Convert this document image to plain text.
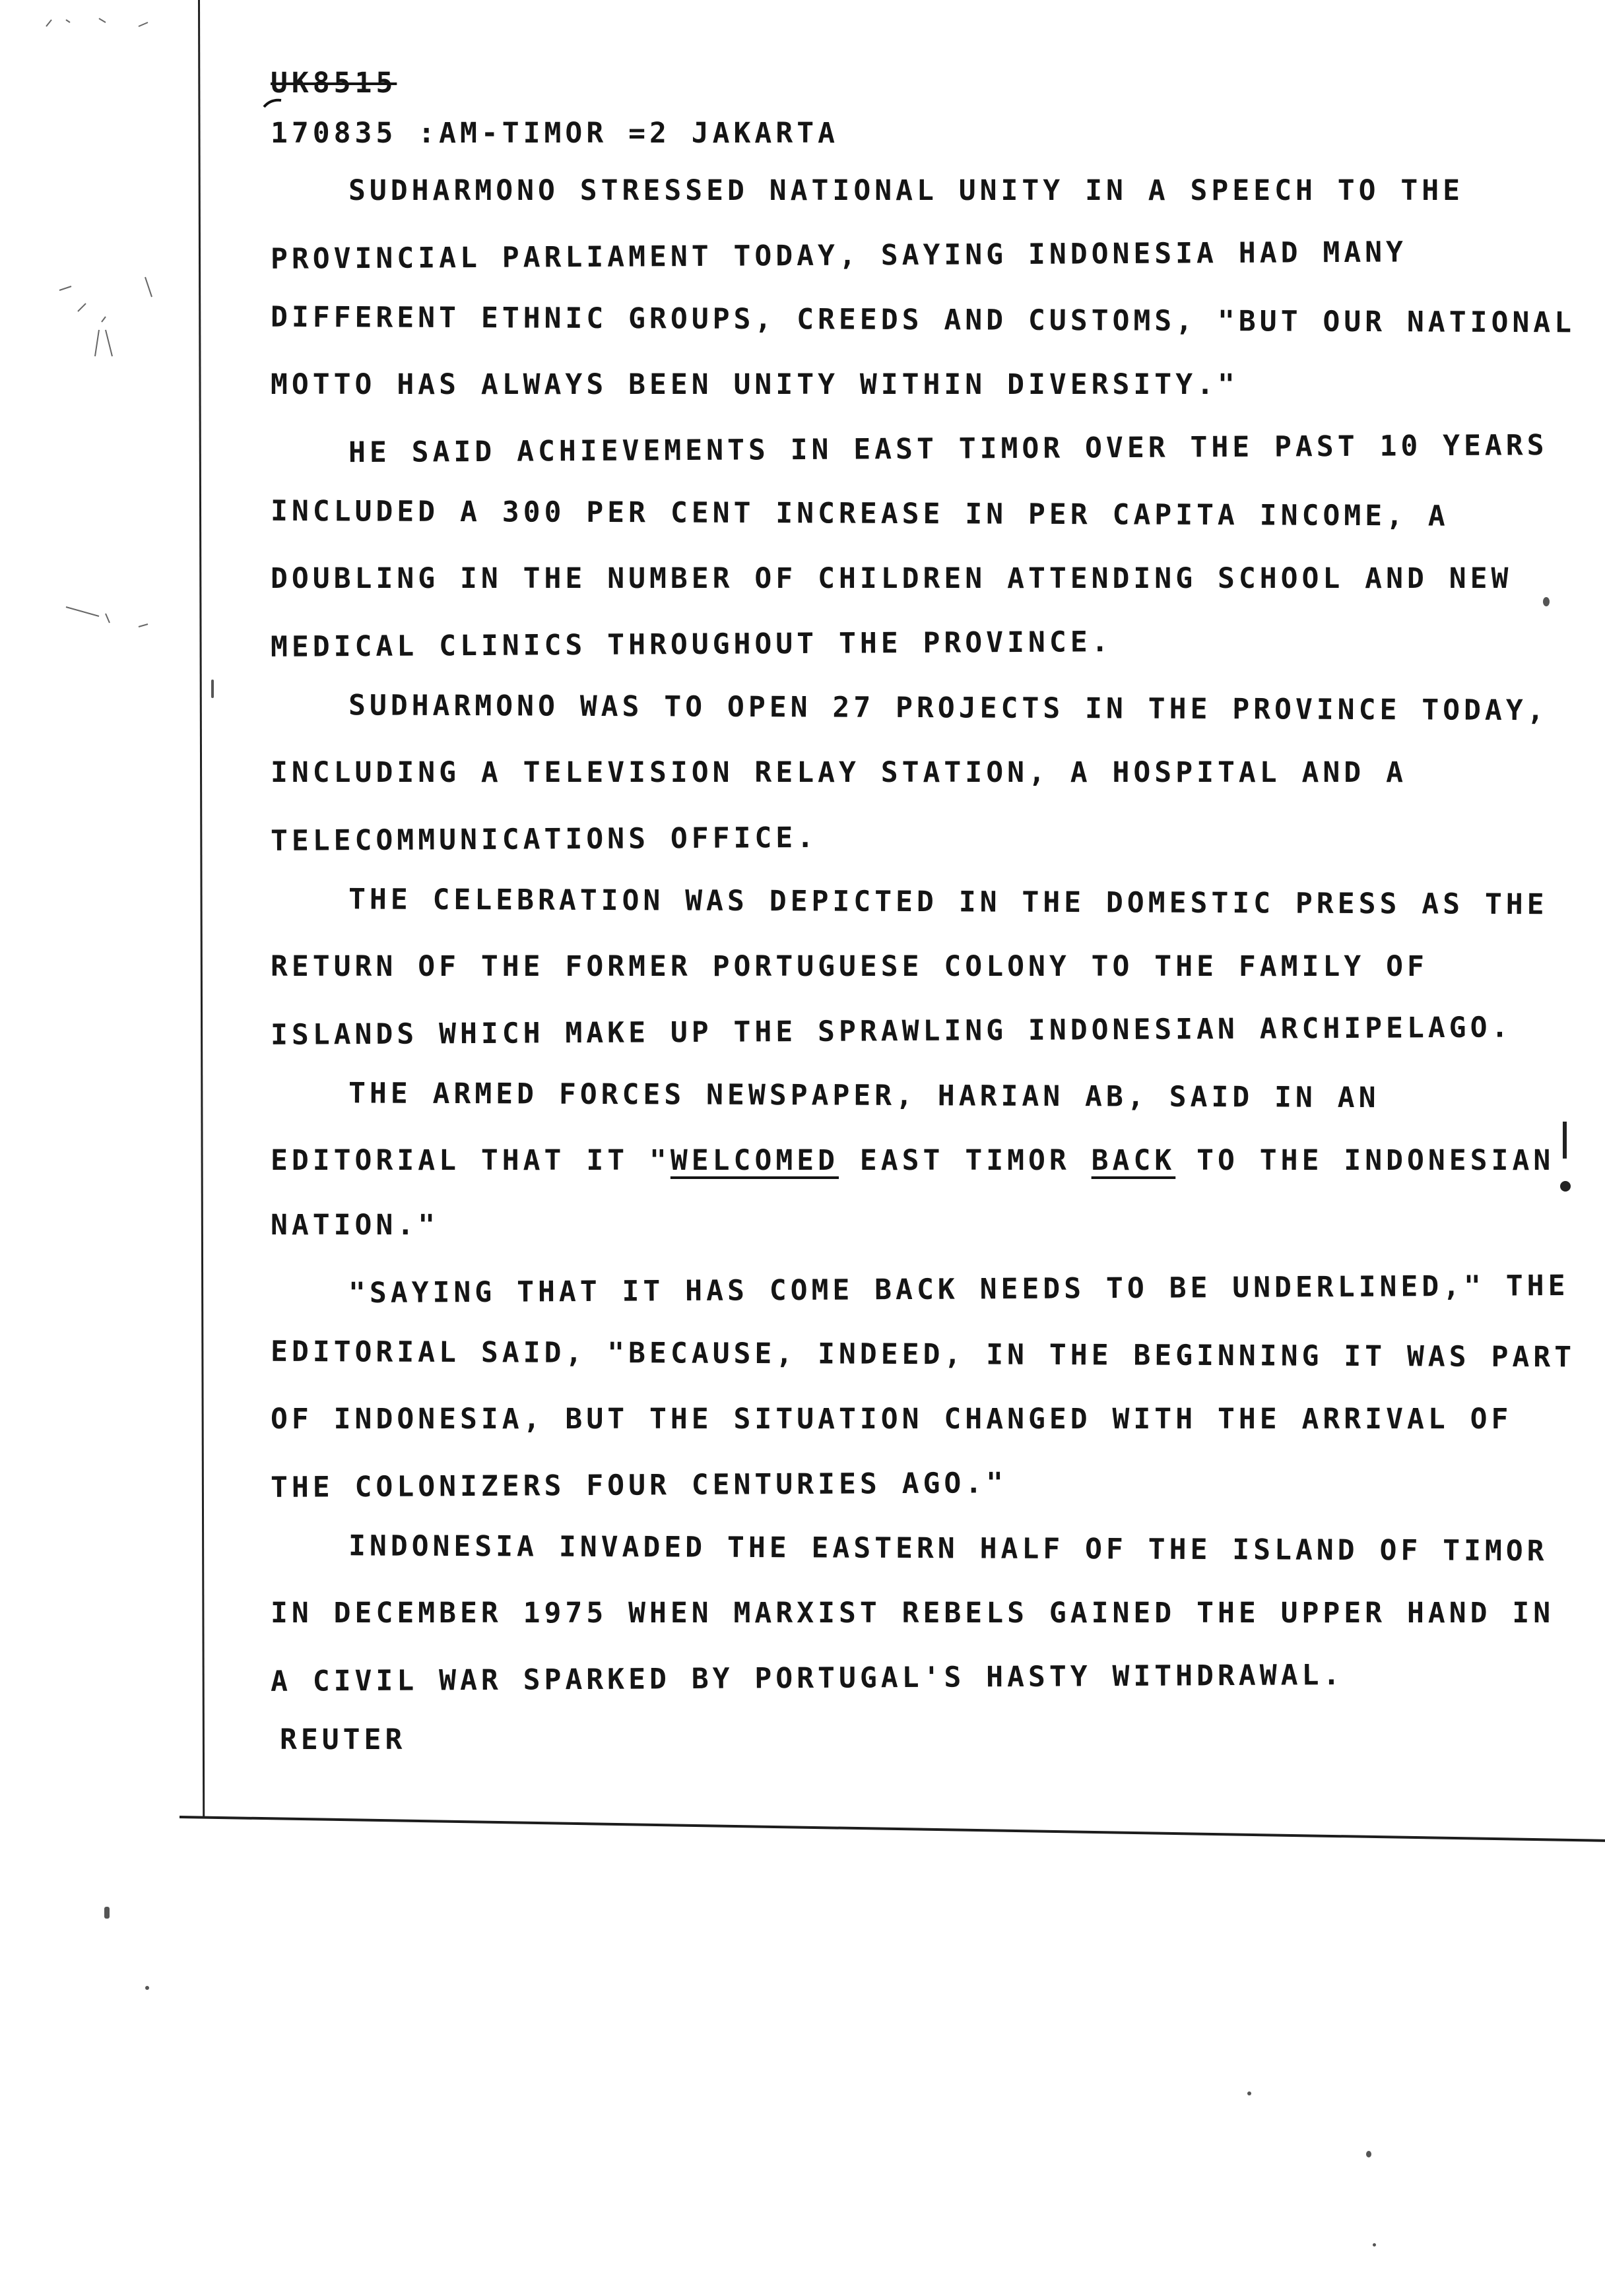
UK8515
170835 :AM-TIMOR =2 JAKARTA
SUDHARMONO STRESSED NATIONAL UNITY IN A SPEECH TO THE
PROVINCIAL PARLIAMENT TODAY, SAYING INDONESIA HAD MANY
DIFFERENT ETHNIC GROUPS, CREEDS AND CUSTOMS, "BUT OUR NATIONAL
MOTTO HAS ALWAYS BEEN UNITY WITHIN DIVERSITY."
HE SAID ACHIEVEMENTS IN EAST TIMOR OVER THE PAST 10 YEARS
INCLUDED A 300 PER CENT INCREASE IN PER CAPITA INCOME, A
DOUBLING IN THE NUMBER OF CHILDREN ATTENDING SCHOOL AND NEW
MEDICAL CLINICS THROUGHOUT THE PROVINCE.
SUDHARMONO WAS TO OPEN 27 PROJECTS IN THE PROVINCE TODAY,
INCLUDING A TELEVISION RELAY STATION, A HOSPITAL AND A
TELECOMMUNICATIONS OFFICE.
THE CELEBRATION WAS DEPICTED IN THE DOMESTIC PRESS AS THE
RETURN OF THE FORMER PORTUGUESE COLONY TO THE FAMILY OF
ISLANDS WHICH MAKE UP THE SPRAWLING INDONESIAN ARCHIPELAGO.
THE ARMED FORCES NEWSPAPER, HARIAN AB, SAID IN AN
EDITORIAL THAT IT "WELCOMED EAST TIMOR BACK TO THE INDONESIAN
NATION."
"SAYING THAT IT HAS COME BACK NEEDS TO BE UNDERLINED," THE
EDITORIAL SAID, "BECAUSE, INDEED, IN THE BEGINNING IT WAS PART
OF INDONESIA, BUT THE SITUATION CHANGED WITH THE ARRIVAL OF
THE COLONIZERS FOUR CENTURIES AGO."
INDONESIA INVADED THE EASTERN HALF OF THE ISLAND OF TIMOR
IN DECEMBER 1975 WHEN MARXIST REBELS GAINED THE UPPER HAND IN
A CIVIL WAR SPARKED BY PORTUGAL'S HASTY WITHDRAWAL.
REUTER
